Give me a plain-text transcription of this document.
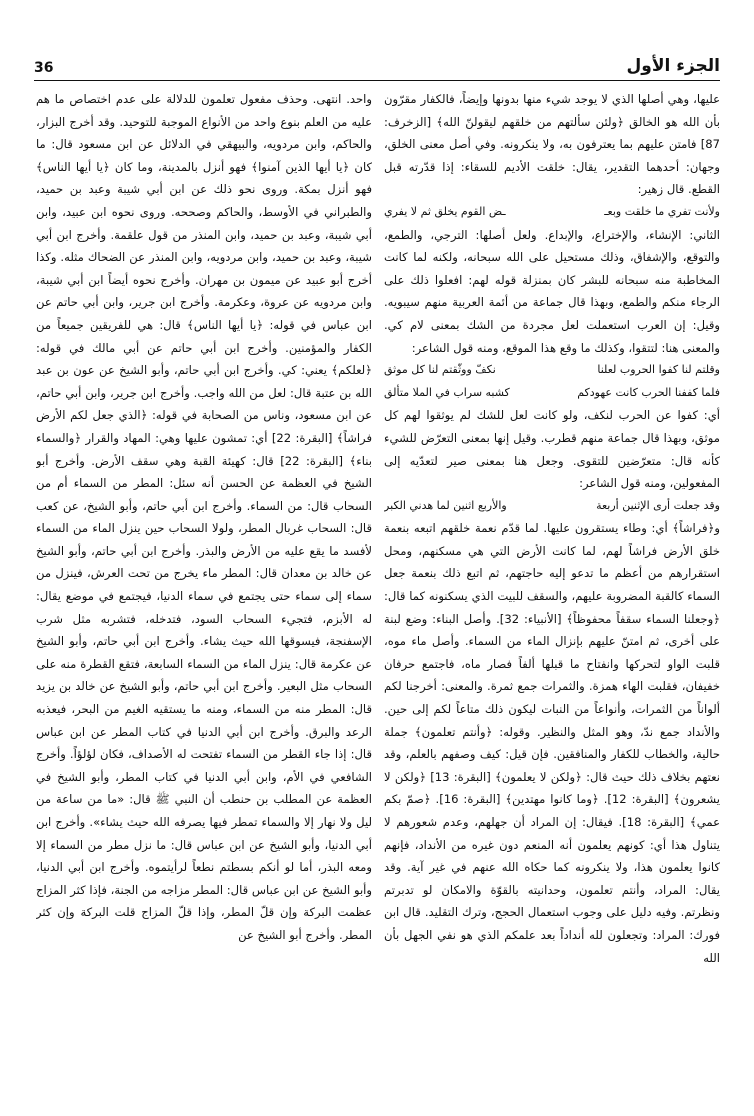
الجزء الأول
36

عليها، وهي أصلها الذي لا يوجد شيء منها بدونها وإيضاً، فالكفار مقرّون بأن الله هو الخالق ﴿ولئن سألتهم من خلقهم ليقولنّ الله﴾ [الزخرف: 87] فامتن عليهم بما يعترفون به، ولا ينكرونه. وفي أصل معنى الخلق، وجهان: أحدهما التقدير، يقال: خلقت الأديم للسقاء: إذا قدّرته قبل القطع. قال زهير:

ولأنت تفري ما خلقت وبعـ
ـض القوم يخلق ثم لا يفري

الثاني: الإنشاء، والإختراع، والإبداع. ولعل أصلها: الترجي، والطمع، والتوقع، والإشفاق، وذلك مستحيل على الله سبحانه، ولكنه لما كانت المخاطبة منه سبحانه للبشر كان بمنزلة قوله لهم: افعلوا ذلك على الرجاء منكم والطمع، وبهذا قال جماعة من أئمة العربية منهم سيبويه. وقيل: إن العرب استعملت لعل مجردة من الشك بمعنى لام كي. والمعنى هنا: لتتقوا، وكذلك ما وقع هذا الموقع، ومنه قول الشاعر:

وقلتم لنا كفوا الحروب لعلنا
نكفّ ووثّقتم لنا كل موثق
فلما كففنا الحرب كانت عهودكم
كشبه سراب في الملا متألق

أي: كفوا عن الحرب لنكف، ولو كانت لعل للشك لم يوثقوا لهم كل موثق، وبهذا قال جماعة منهم قطرب. وقيل إنها بمعنى التعرّض للشيء كأنه قال: متعرّضين للتقوى. وجعل هنا بمعنى صير لتعدّيه إلى المفعولين، ومنه قول الشاعر:

وقد جعلت أرى الإثنين أربعة
والأربع اثنين لما هدني الكبر

و﴿فراشاً﴾ أي: وطاء يستقرون عليها. لما قدّم نعمة خلقهم اتبعه بنعمة خلق الأرض فراشاً لهم، لما كانت الأرض التي هي مسكنهم، ومحل استقرارهم من أعظم ما تدعو إليه حاجتهم، ثم اتبع ذلك بنعمة جعل السماء كالقبة المضروبة عليهم، والسقف للبيت الذي يسكنونه كما قال: ﴿وجعلنا السماء سقفاً محفوظاً﴾ [الأنبياء: 32]. وأصل البناء: وضع لبنة على أخرى، ثم امتنّ عليهم بإنزال الماء من السماء. وأصل ماء موه، قلبت الواو لتحركها وانفتاح ما قبلها ألفاً فصار ماه، فاجتمع حرفان خفيفان، فقلبت الهاء همزة. والثمرات جمع ثمرة. والمعنى: أخرجنا لكم ألواناً من الثمرات، وأنواعاً من النبات ليكون ذلك متاعاً لكم إلى حين. والأنداد جمع ندّ، وهو المثل والنظير. وقوله: ﴿وأنتم تعلمون﴾ جملة حالية، والخطاب للكفار والمنافقين. فإن قيل: كيف وصفهم بالعلم، وقد نعتهم بخلاف ذلك حيث قال: ﴿ولكن لا يعلمون﴾ [البقرة: 13] ﴿ولكن لا يشعرون﴾ [البقرة: 12]. ﴿وما كانوا مهتدين﴾ [البقرة: 16]. ﴿صمّ بكم عمي﴾ [البقرة: 18]. فيقال: إن المراد أن جهلهم، وعدم شعورهم لا يتناول هذا أي: كونهم يعلمون أنه المنعم دون غيره من الأنداد، فإنهم كانوا يعلمون هذا، ولا ينكرونه كما حكاه الله عنهم في غير آية. وقد يقال: المراد، وأنتم تعلمون، وحدانيته بالقوّة والامكان لو تدبرتم ونظرتم. وفيه دليل على وجوب استعمال الحجج، وترك التقليد. قال ابن فورك: المراد: وتجعلون لله أنداداً بعد علمكم الذي هو نفي الجهل بأن الله

واحد. انتهى. وحذف مفعول تعلمون للدلالة على عدم اختصاص ما هم عليه من العلم بنوع واحد من الأنواع الموجبة للتوحيد. وقد أخرج البزار، والحاكم، وابن مردويه، والبيهقي في الدلائل عن ابن مسعود قال: ما كان ﴿يا أيها الذين آمنوا﴾ فهو أنزل بالمدينة، وما كان ﴿يا أيها الناس﴾ فهو أنزل بمكة. وروى نحو ذلك عن ابن أبي شيبة وعبد بن حميد، والطبراني في الأوسط، والحاكم وصححه. وروى نحوه ابن عبيد، وابن أبي شيبة، وعبد بن حميد، وابن المنذر من قول علقمة. وأخرج ابن أبي شيبة، وعبد بن حميد، وابن مردويه، وابن المنذر عن الضحاك مثله. وكذا أخرج أبو عبيد عن ميمون بن مهران. وأخرج نحوه أيضاً ابن أبي شيبة، وابن مردويه عن عروة، وعكرمة. وأخرج ابن جرير، وابن أبي حاتم عن ابن عباس في قوله: ﴿يا أيها الناس﴾ قال: هي للفريقين جميعاً من الكفار والمؤمنين. وأخرج ابن أبي حاتم عن أبي مالك في قوله: ﴿لعلكم﴾ يعني: كي. وأخرج ابن أبي حاتم، وأبو الشيخ عن عون بن عبد الله بن عتبة قال: لعل من الله واجب. وأخرج ابن جرير، وابن أبي حاتم، عن ابن مسعود، وناس من الصحابة في قوله: ﴿الذي جعل لكم الأرض فراشاً﴾ [البقرة: 22] أي: تمشون عليها وهي: المهاد والقرار ﴿والسماء بناء﴾ [البقرة: 22] قال: كهيئة القبة وهي سقف الأرض. وأخرج أبو الشيخ في العظمة عن الحسن أنه سئل: المطر من السماء أم من السحاب قال: من السماء. وأخرج ابن أبي حاتم، وأبو الشيخ، عن كعب قال: السحاب غربال المطر، ولولا السحاب حين ينزل الماء من السماء لأفسد ما يقع عليه من الأرض والبذر. وأخرج ابن أبي حاتم، وأبو الشيخ عن خالد بن معدان قال: المطر ماء يخرج من تحت العرش، فينزل من سماء إلى سماء حتى يجتمع في سماء الدنيا، فيجتمع في موضع يقال: له الأبزم، فتجيء السحاب السود، فتدخله، فتشربه مثل شرب الإسفنجة، فيسوقها الله حيث يشاء. وأخرج ابن أبي حاتم، وأبو الشيخ عن عكرمة قال: ينزل الماء من السماء السابعة، فتقع القطرة منه على السحاب مثل البعير. وأخرج ابن أبي حاتم، وأبو الشيخ عن خالد بن يزيد قال: المطر منه من السماء، ومنه ما يستقيه الغيم من البحر، فيعذبه الرعد والبرق. وأخرج ابن أبي الدنيا في كتاب المطر عن ابن عباس قال: إذا جاء القطر من السماء تفتحت له الأصداف، فكان لؤلؤاً. وأخرج الشافعي في الأم، وابن أبي الدنيا في كتاب المطر، وأبو الشيخ في العظمة عن المطلب بن حنطب أن النبي ﷺ قال: «ما من ساعة من ليل ولا نهار إلا والسماء تمطر فيها يصرفه الله حيث يشاء». وأخرج ابن أبي الدنيا، وأبو الشيخ عن ابن عباس قال: ما نزل مطر من السماء إلا ومعه البذر، أما لو أنكم بسطتم نطعاً لرأيتموه. وأخرج ابن أبي الدنيا، وأبو الشيخ عن ابن عباس قال: المطر مزاجه من الجنة، فإذا كثر المزاج عظمت البركة وإن قلّ المطر، وإذا قلّ المزاج قلت البركة وإن كثر المطر. وأخرج أبو الشيخ عن
